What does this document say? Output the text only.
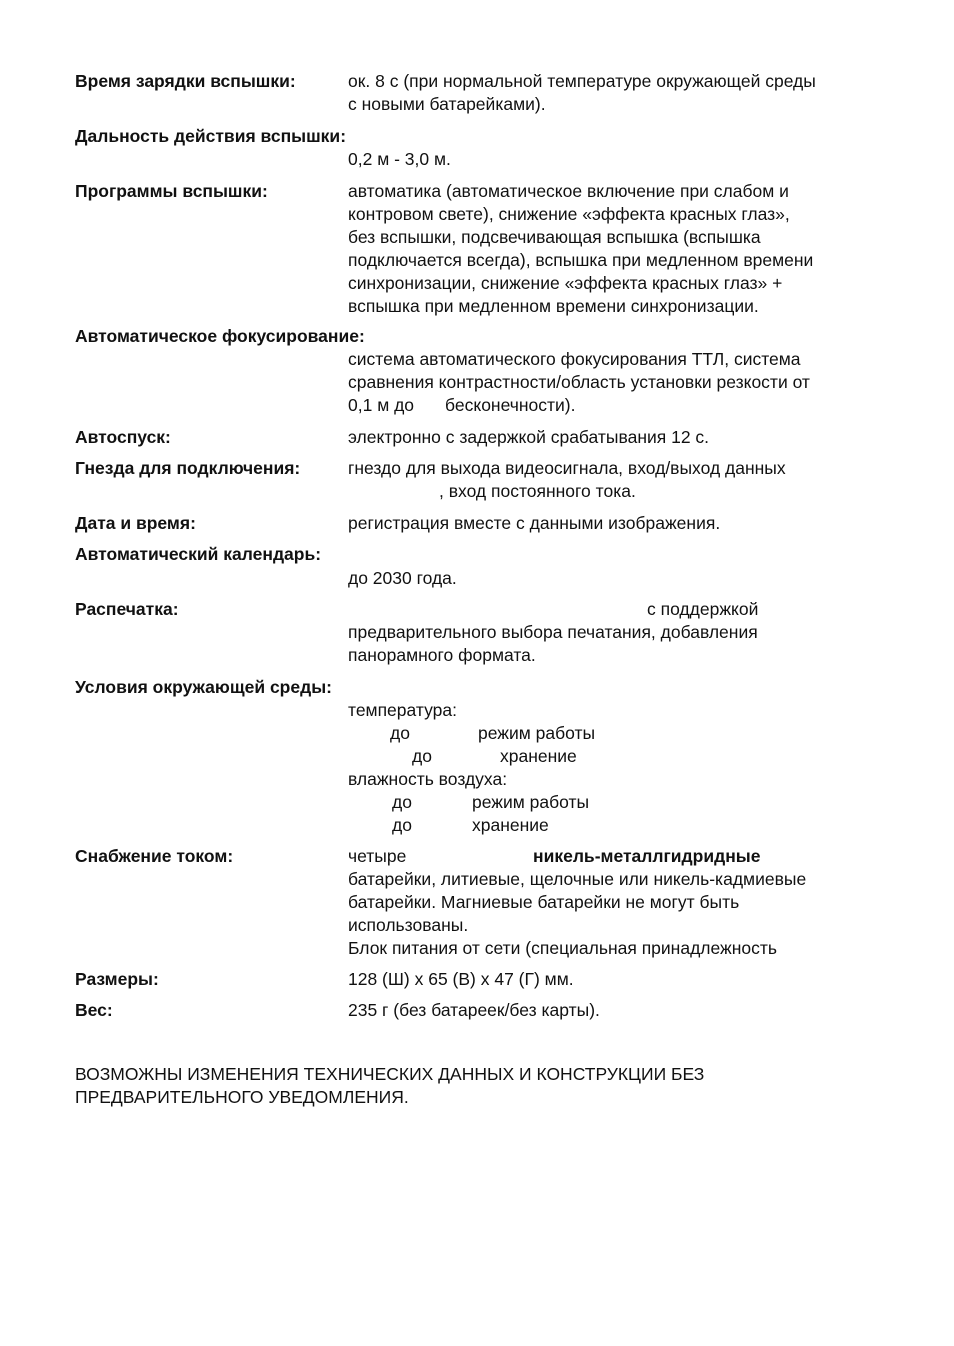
Время зарядки вспышки:	ок. 8 с (при нормальной температуре окружающей среды
с новыми батарейками).
Дальность действия вспышки:
0,2 м - 3,0 м.
Программы вспышки:	автоматика (автоматическое включение при слабом и
контровом свете), снижение «эффекта красных глаз»,
без вспышки, подсвечивающая вспышка (вспышка
подключается всегда), вспышка при медленном времени
синхронизации, снижение «эффекта красных глаз» +
вспышка при медленном времени синхронизации.
Автоматическое фокусирование:
система автоматического фокусирования ТТЛ, система
сравнения контрастности/область установки резкости от
0,1 м до бесконечности).
Автоспуск:	электронно с задержкой срабатывания 12 с.
Гнезда для подключения:	гнездо для выхода видеосигнала, вход/выход данных
, вход постоянного тока.
Дата и время:	регистрация вместе с данными изображения.
Автоматический календарь:
до 2030 года.
Распечатка:	с поддержкой
предварительного выбора печатания, добавления
панорамного формата.
Условия окружающей среды:
температура:
до	режим работы
до	хранение
влажность воздуха:
до	режим работы
до	хранение
Снабжение током:	четыре	никель-металлгидридные
батарейки, литиевые, щелочные или никель-кадмиевые
батарейки. Магниевые батарейки не могут быть
использованы.
Блок питания от сети (специальная принадлежность
Размеры:	128 (Ш) x 65 (В) x 47 (Г) мм.
Вес:	235 г (без батареек/без карты).
ВОЗМОЖНЫ ИЗМЕНЕНИЯ ТЕХНИЧЕСКИХ ДАННЫХ И КОНСТРУКЦИИ БЕЗ
ПРЕДВАРИТЕЛЬНОГО УВЕДОМЛЕНИЯ.
